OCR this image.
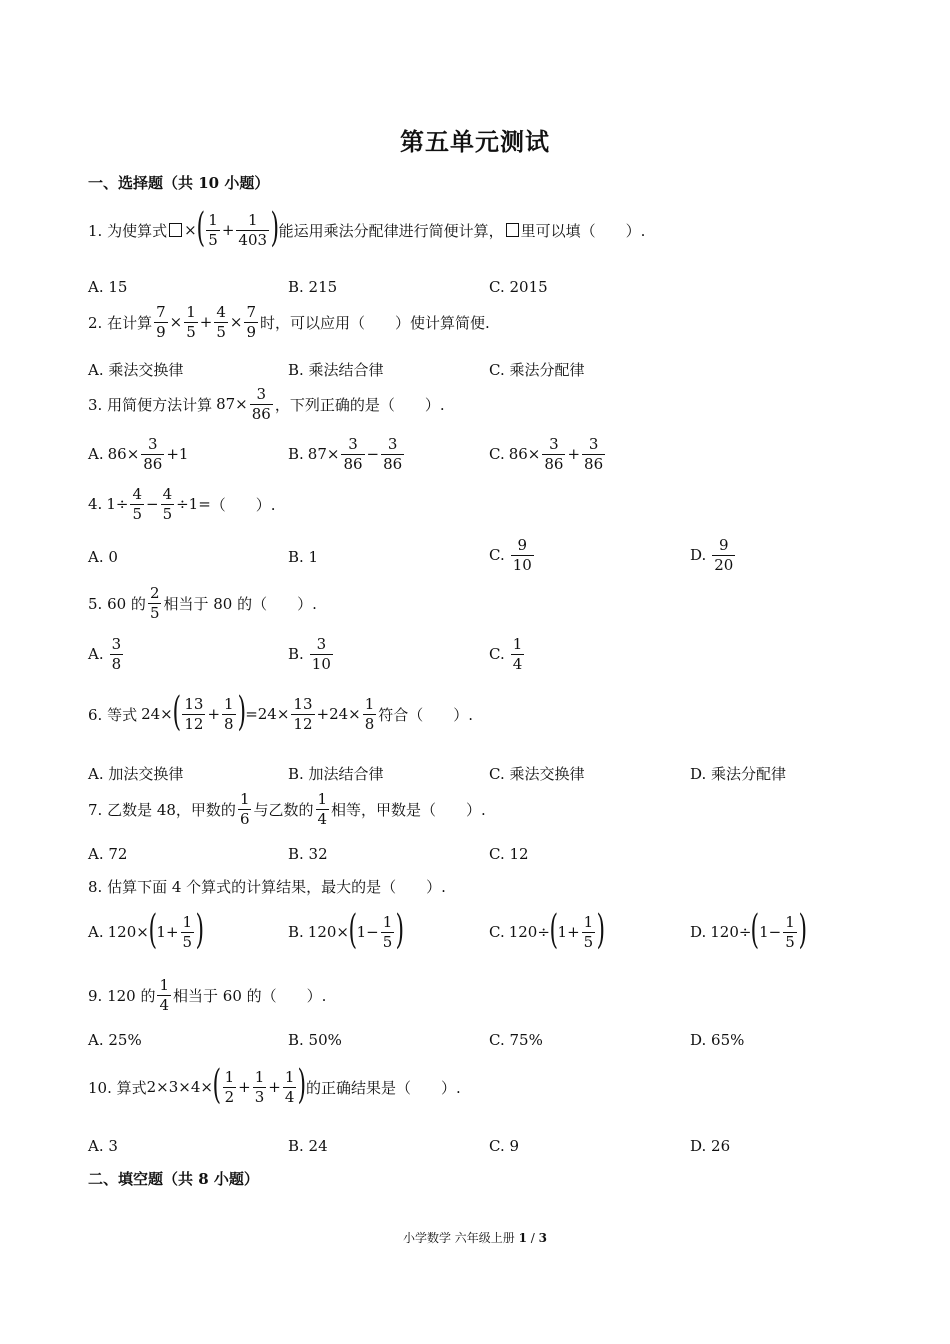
第五单元测试
一、选择题（共 10 小题）
1. 为使算式 × ( $\frac{1}{5} + \frac{1}{403}$ ) 能运用乘法分配律进行简便计算， 里可以填（　　）.
A. 15	B. 215	C. 2015
2. 在计算 $\frac{7}{9} \times \frac{1}{5} + \frac{4}{5} \times \frac{7}{9}$ 时，可以应用（　　）使计算简便.
A. 乘法交换律	B. 乘法结合律	C. 乘法分配律
3. 用简便方法计算 $87\times \frac{3}{86}$ ，下列正确的是（　　）.
A. $86\times \frac{3}{86} +1$	B. $87\times \frac{3}{86} - \frac{3}{86}$	C. $86\times \frac{3}{86} + \frac{3}{86}$
4. $1\div \frac{4}{5} - \frac{4}{5} \div 1=$ （　　）.
A. 0	B. 1	C. $\frac{9}{10}$	D. $\frac{9}{20}$
5. 60 的 $\frac{2}{5}$ 相当于 80 的（　　）.
A. $\frac{3}{8}$	B. $\frac{3}{10}$	C. $\frac{1}{4}$
6. 等式 24× ( $\frac{13}{12} + \frac{1}{8}$ ) $=24\times \frac{13}{12} +24\times \frac{1}{8}$ 符合（　　）.
A. 加法交换律	B. 加法结合律	C. 乘法交换律	D. 乘法分配律
7. 乙数是 48，甲数的 $\frac{1}{6}$ 与乙数的 $\frac{1}{4}$ 相等，甲数是（　　）.
A. 72	B. 32	C. 12
8. 估算下面 4 个算式的计算结果，最大的是（　　）.
A. 120× ( $1+ \frac{1}{5}$ )	B. 120× ( $1- \frac{1}{5}$ )	C. 120÷ ( $1+ \frac{1}{5}$ )	D. 120÷ ( $1- \frac{1}{5}$ )
9. 120 的 $\frac{1}{4}$ 相当于 60 的（　　）.
A. 25%	B. 50%	C. 75%	D. 65%
10. 算式 2×3×4× ( $\frac{1}{2} + \frac{1}{3} + \frac{1}{4}$ ) 的正确结果是（　　）.
A. 3	B. 24	C. 9	D. 26
二、填空题（共 8 小题）
小学数学 六年级上册 1 / 3
